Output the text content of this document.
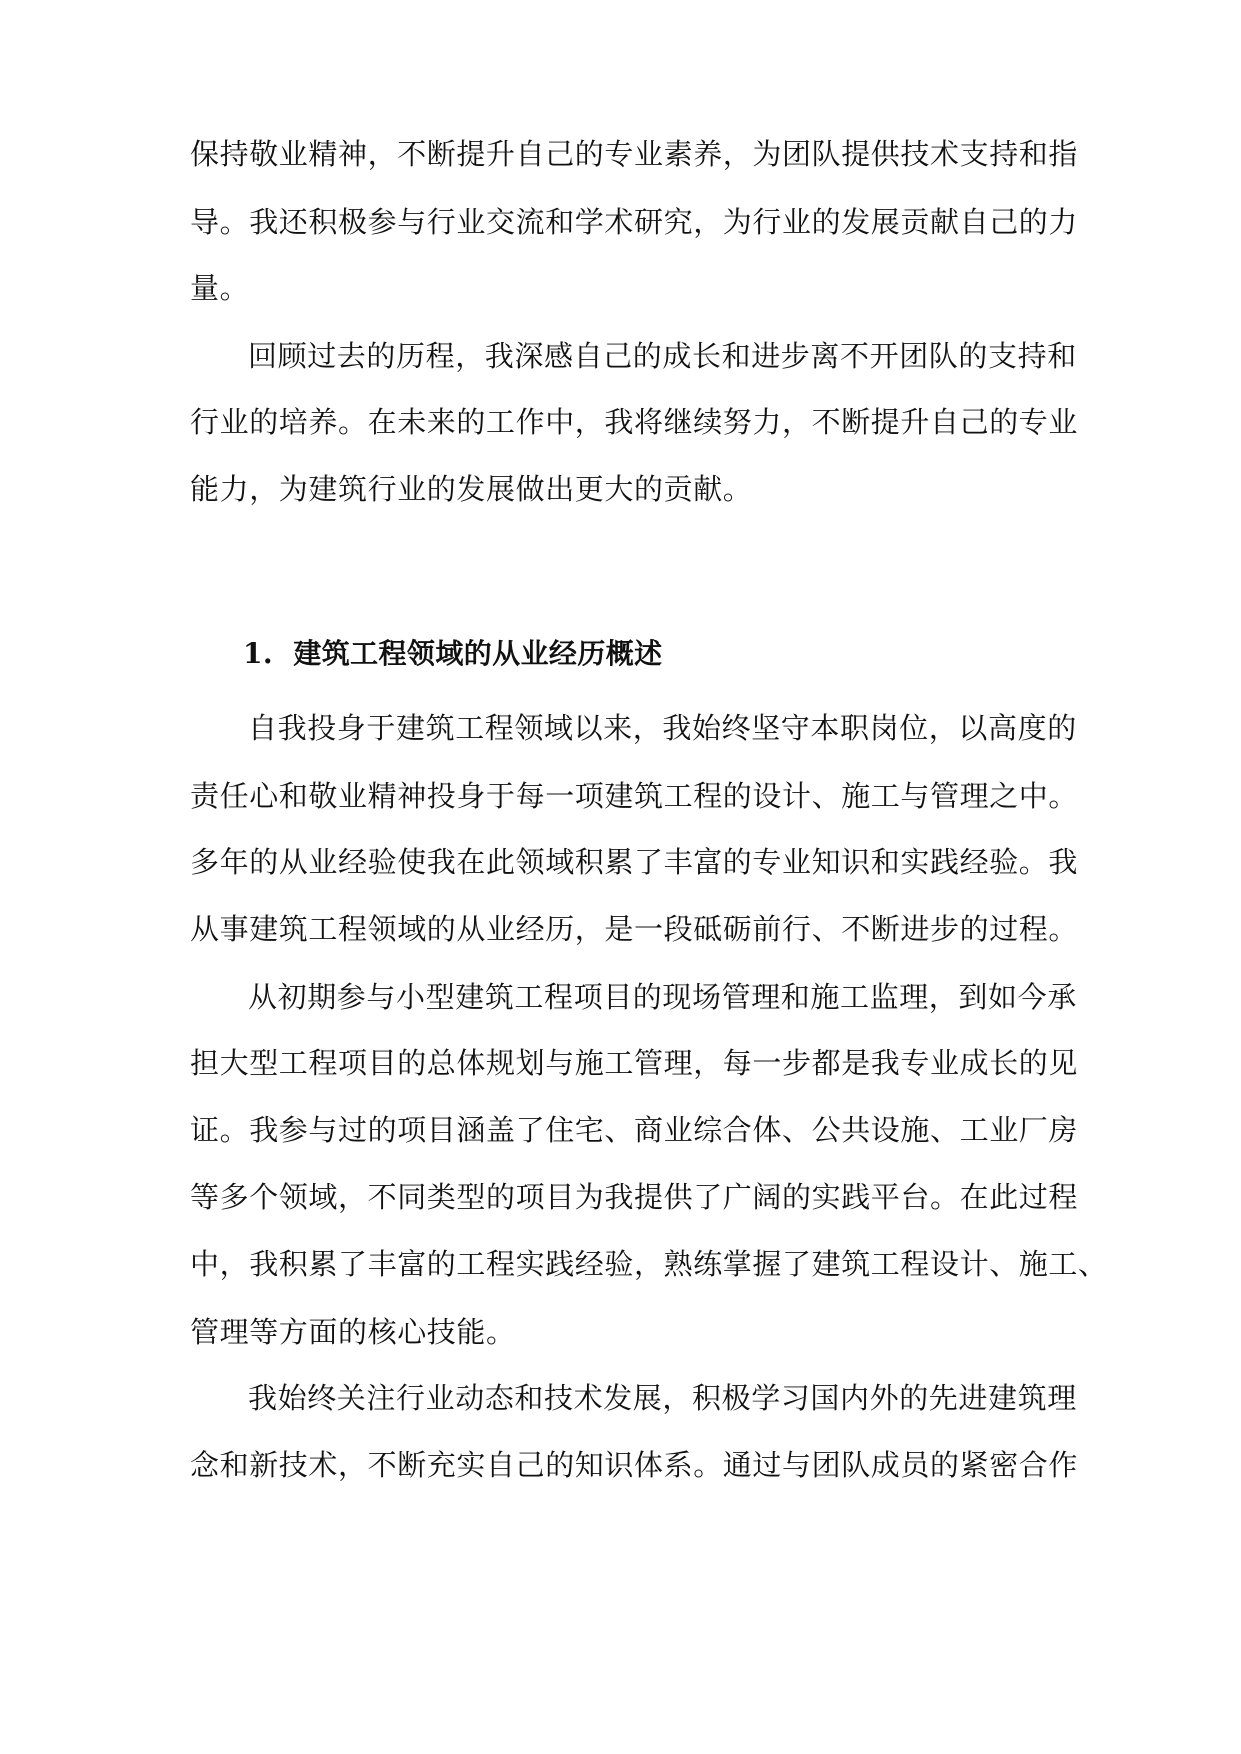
保持敬业精神，不断提升自己的专业素养，为团队提供技术支持和指
导。我还积极参与行业交流和学术研究，为行业的发展贡献自己的力
量。
回顾过去的历程，我深感自己的成长和进步离不开团队的支持和
行业的培养。在未来的工作中，我将继续努力，不断提升自己的专业
能力，为建筑行业的发展做出更大的贡献。
1. 建筑工程领域的从业经历概述
自我投身于建筑工程领域以来，我始终坚守本职岗位，以高度的
责任心和敬业精神投身于每一项建筑工程的设计、施工与管理之中。
多年的从业经验使我在此领域积累了丰富的专业知识和实践经验。我
从事建筑工程领域的从业经历，是一段砥砺前行、不断进步的过程。
从初期参与小型建筑工程项目的现场管理和施工监理，到如今承
担大型工程项目的总体规划与施工管理，每一步都是我专业成长的见
证。我参与过的项目涵盖了住宅、商业综合体、公共设施、工业厂房
等多个领域，不同类型的项目为我提供了广阔的实践平台。在此过程
中，我积累了丰富的工程实践经验，熟练掌握了建筑工程设计、施工、
管理等方面的核心技能。
我始终关注行业动态和技术发展，积极学习国内外的先进建筑理
念和新技术，不断充实自己的知识体系。通过与团队成员的紧密合作
